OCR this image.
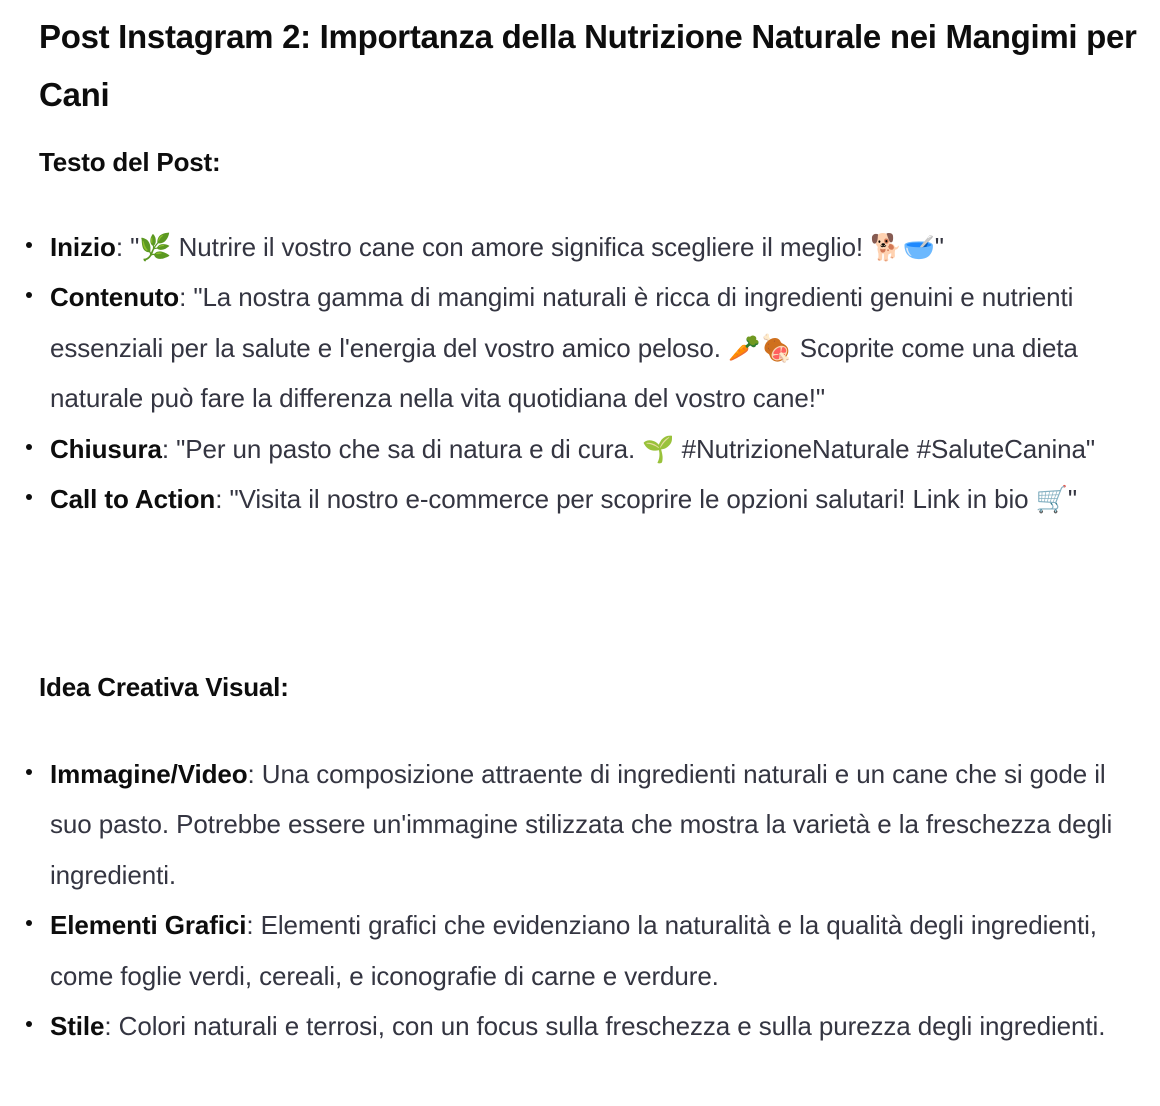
Post Instagram 2: Importanza della Nutrizione Naturale nei Mangimi per Cani
Testo del Post:
Inizio: "🌿 Nutrire il vostro cane con amore significa scegliere il meglio! 🐕🥣"
Contenuto: "La nostra gamma di mangimi naturali è ricca di ingredienti genuini e nutrienti essenziali per la salute e l'energia del vostro amico peloso. 🥕🍖 Scoprite come una dieta naturale può fare la differenza nella vita quotidiana del vostro cane!"
Chiusura: "Per un pasto che sa di natura e di cura. 🌱 #NutrizioneNaturale #SaluteCanina"
Call to Action: "Visita il nostro e-commerce per scoprire le opzioni salutari! Link in bio 🛒"
Idea Creativa Visual:
Immagine/Video: Una composizione attraente di ingredienti naturali e un cane che si gode il suo pasto. Potrebbe essere un'immagine stilizzata che mostra la varietà e la freschezza degli ingredienti.
Elementi Grafici: Elementi grafici che evidenziano la naturalità e la qualità degli ingredienti, come foglie verdi, cereali, e iconografie di carne e verdure.
Stile: Colori naturali e terrosi, con un focus sulla freschezza e sulla purezza degli ingredienti.
